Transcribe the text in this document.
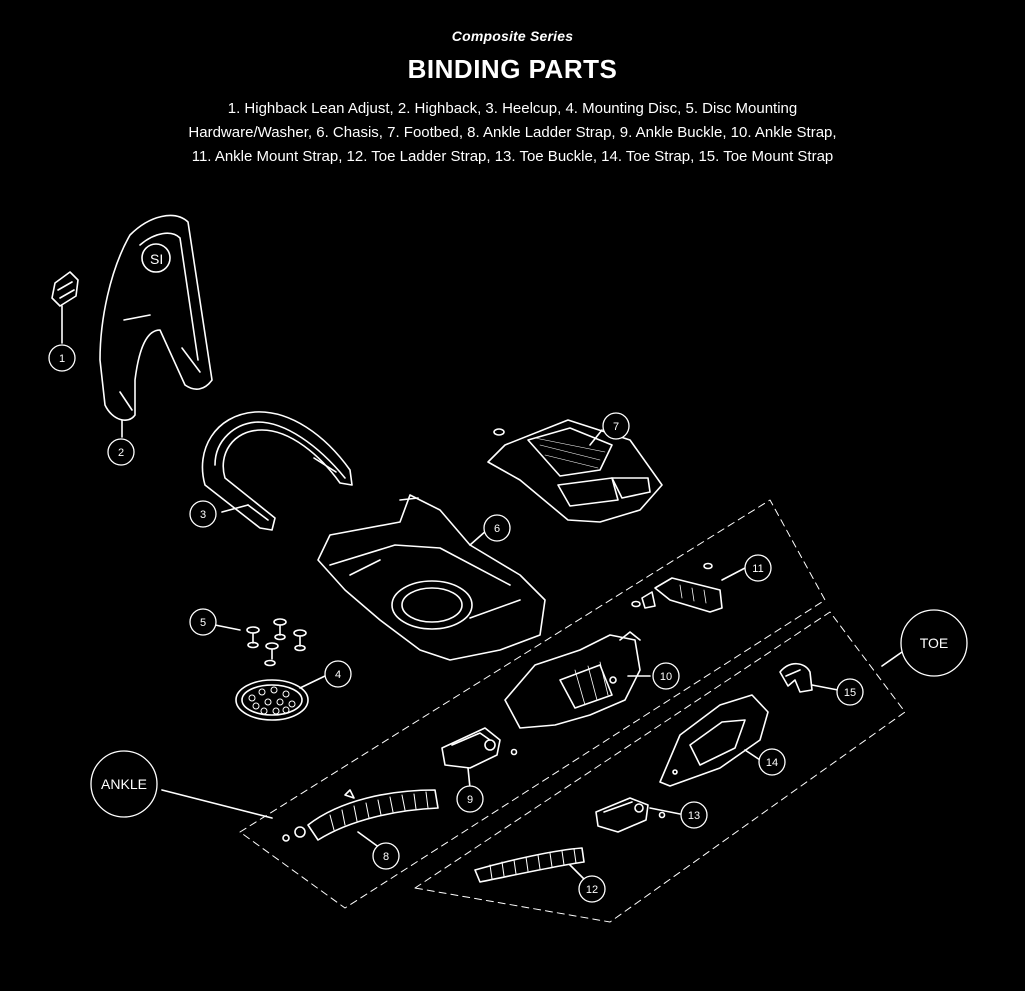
Composite Series
BINDING PARTS
1. Highback Lean Adjust, 2. Highback, 3. Heelcup, 4. Mounting Disc, 5. Disc Mounting
Hardware/Washer, 6. Chasis, 7. Footbed, 8. Ankle Ladder Strap, 9. Ankle Buckle, 10. Ankle Strap,
11. Ankle Mount Strap, 12. Toe Ladder Strap, 13. Toe Buckle, 14. Toe Strap, 15. Toe Mount Strap
SI
1
2
3
4
5
6
7
8
9
10
11
12
13
14
15
ANKLE
TOE
